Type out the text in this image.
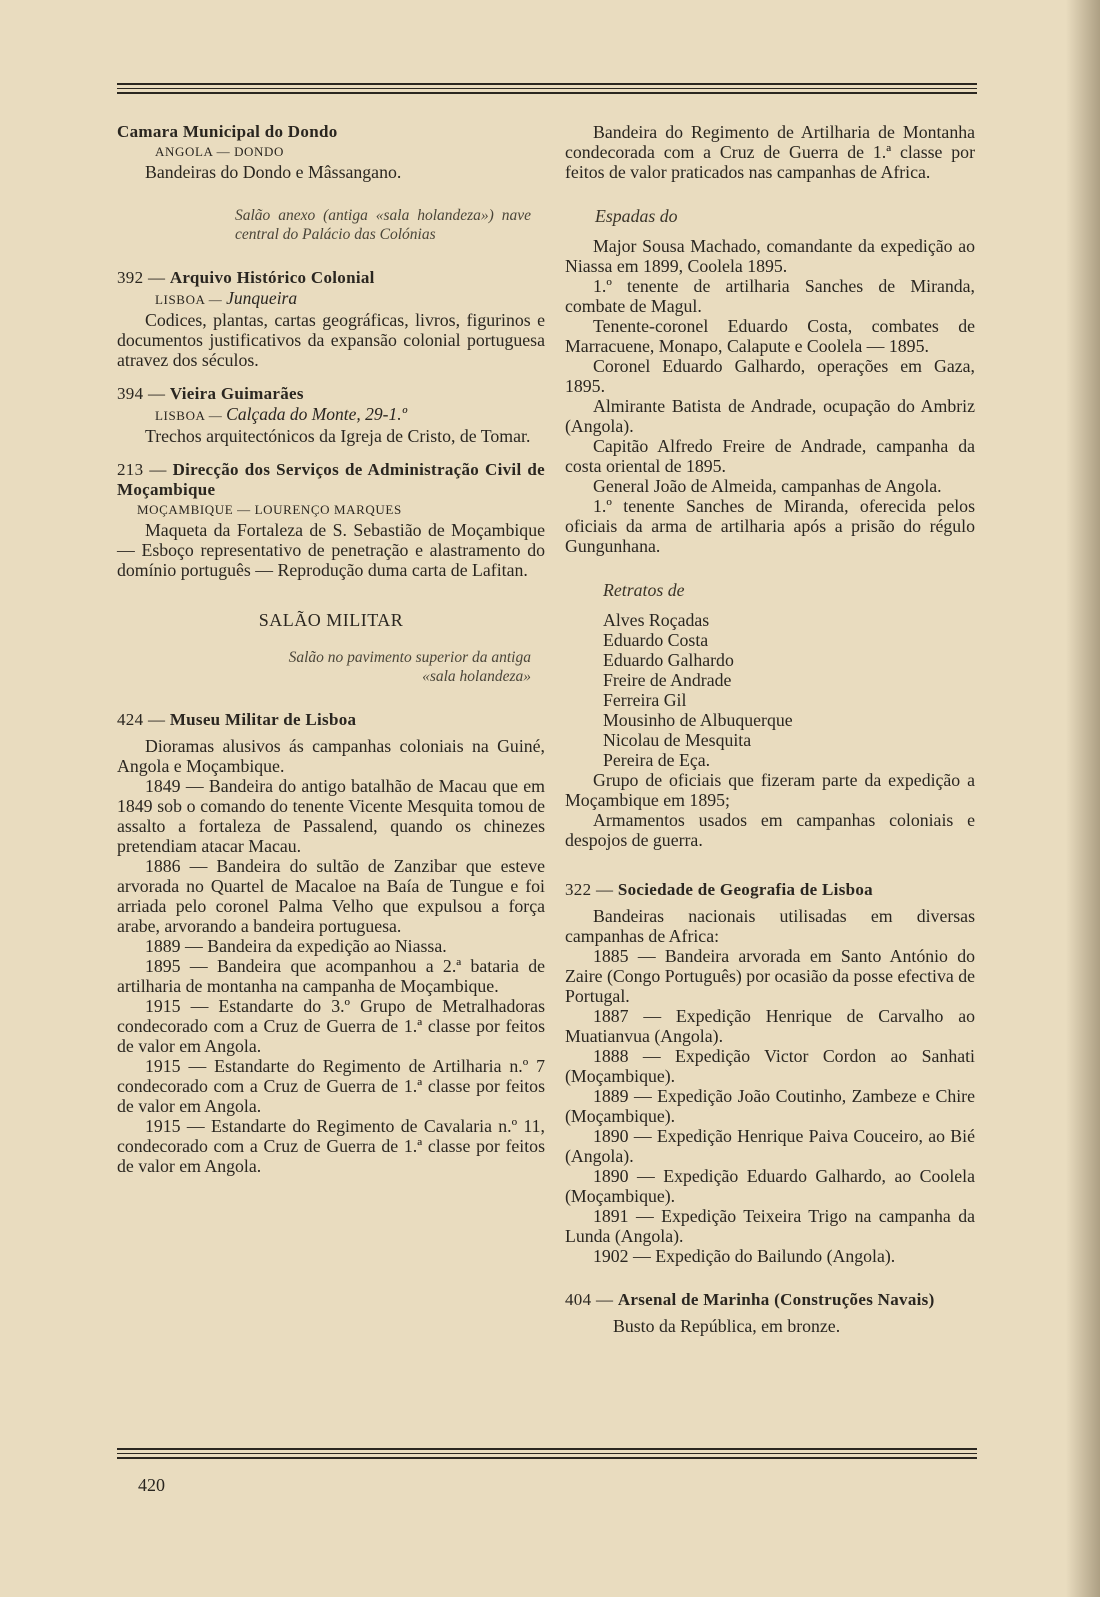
Camara Municipal do Dondo

ANGOLA — DONDO

Bandeiras do Dondo e Mâssangano.

Salão anexo (antiga «sala holandeza») nave central do Palácio das Colónias

392 — Arquivo Histórico Colonial

LISBOA — Junqueira

Codices, plantas, cartas geográficas, livros, figurinos e documentos justificativos da expansão colonial portuguesa atravez dos séculos.

394 — Vieira Guimarães

LISBOA — Calçada do Monte, 29-1.º

Trechos arquitectónicos da Igreja de Cristo, de Tomar.

213 — Direcção dos Serviços de Administração Civil de Moçambique

MOÇAMBIQUE — LOURENÇO MARQUES

Maqueta da Fortaleza de S. Sebastião de Moçambique — Esboço representativo de penetração e alastramento do domínio português — Reprodução duma carta de Lafitan.

SALÃO MILITAR

Salão no pavimento superior da antiga «sala holandeza»

424 — Museu Militar de Lisboa

Dioramas alusivos ás campanhas coloniais na Guiné, Angola e Moçambique.

1849 — Bandeira do antigo batalhão de Macau que em 1849 sob o comando do tenente Vicente Mesquita tomou de assalto a fortaleza de Passalend, quando os chinezes pretendiam atacar Macau.

1886 — Bandeira do sultão de Zanzibar que esteve arvorada no Quartel de Macaloe na Baía de Tungue e foi arriada pelo coronel Palma Velho que expulsou a força arabe, arvorando a bandeira portuguesa.

1889 — Bandeira da expedição ao Niassa.

1895 — Bandeira que acompanhou a 2.ª bataria de artilharia de montanha na campanha de Moçambique.

1915 — Estandarte do 3.º Grupo de Metralhadoras condecorado com a Cruz de Guerra de 1.ª classe por feitos de valor em Angola.

1915 — Estandarte do Regimento de Artilharia n.º 7 condecorado com a Cruz de Guerra de 1.ª classe por feitos de valor em Angola.

1915 — Estandarte do Regimento de Cavalaria n.º 11, condecorado com a Cruz de Guerra de 1.ª classe por feitos de valor em Angola.

Bandeira do Regimento de Artilharia de Montanha condecorada com a Cruz de Guerra de 1.ª classe por feitos de valor praticados nas campanhas de Africa.

Espadas do

Major Sousa Machado, comandante da expedição ao Niassa em 1899, Coolela 1895.

1.º tenente de artilharia Sanches de Miranda, combate de Magul.

Tenente-coronel Eduardo Costa, combates de Marracuene, Monapo, Calapute e Coolela — 1895.

Coronel Eduardo Galhardo, operações em Gaza, 1895.

Almirante Batista de Andrade, ocupação do Ambriz (Angola).

Capitão Alfredo Freire de Andrade, campanha da costa oriental de 1895.

General João de Almeida, campanhas de Angola.

1.º tenente Sanches de Miranda, oferecida pelos oficiais da arma de artilharia após a prisão do régulo Gungunhana.

Retratos de

Alves Roçadas

Eduardo Costa

Eduardo Galhardo

Freire de Andrade

Ferreira Gil

Mousinho de Albuquerque

Nicolau de Mesquita

Pereira de Eça.

Grupo de oficiais que fizeram parte da expedição a Moçambique em 1895;

Armamentos usados em campanhas coloniais e despojos de guerra.

322 — Sociedade de Geografia de Lisboa

Bandeiras nacionais utilisadas em diversas campanhas de Africa:

1885 — Bandeira arvorada em Santo António do Zaire (Congo Português) por ocasião da posse efectiva de Portugal.

1887 — Expedição Henrique de Carvalho ao Muatianvua (Angola).

1888 — Expedição Victor Cordon ao Sanhati (Moçambique).

1889 — Expedição João Coutinho, Zambeze e Chire (Moçambique).

1890 — Expedição Henrique Paiva Couceiro, ao Bié (Angola).

1890 — Expedição Eduardo Galhardo, ao Coolela (Moçambique).

1891 — Expedição Teixeira Trigo na campanha da Lunda (Angola).

1902 — Expedição do Bailundo (Angola).

404 — Arsenal de Marinha (Construções Navais)

Busto da República, em bronze.

420
